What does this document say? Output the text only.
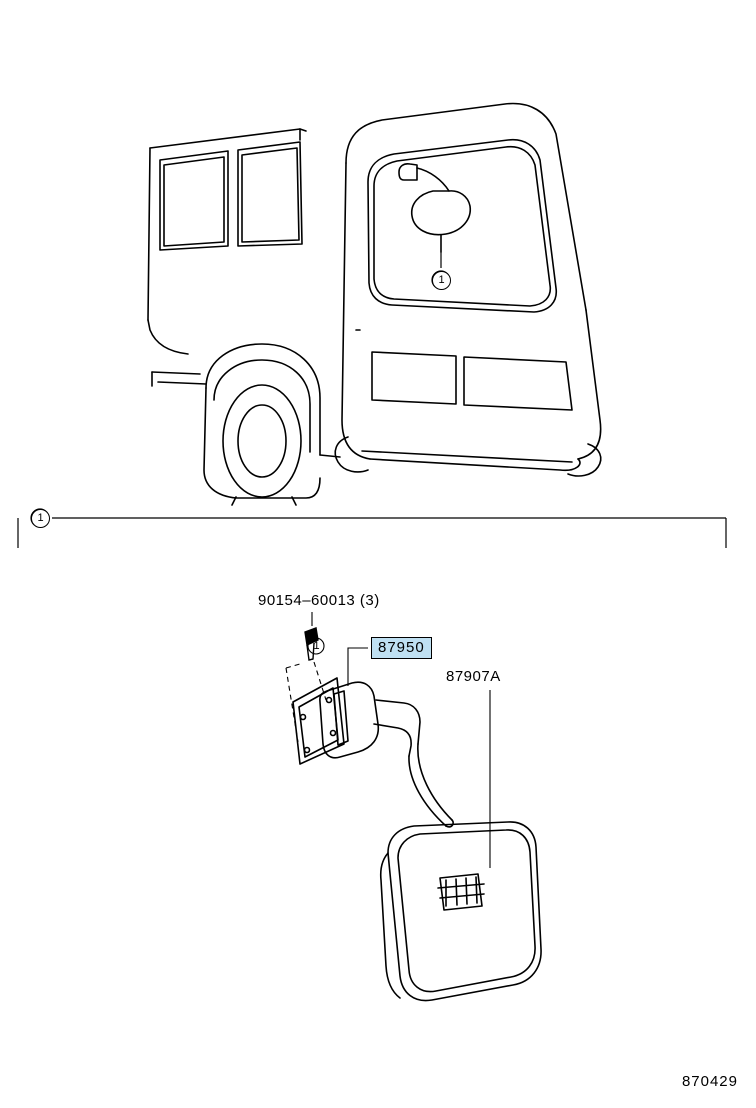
1
1
1
90154–60013 (3)
87950
87907A
870429
